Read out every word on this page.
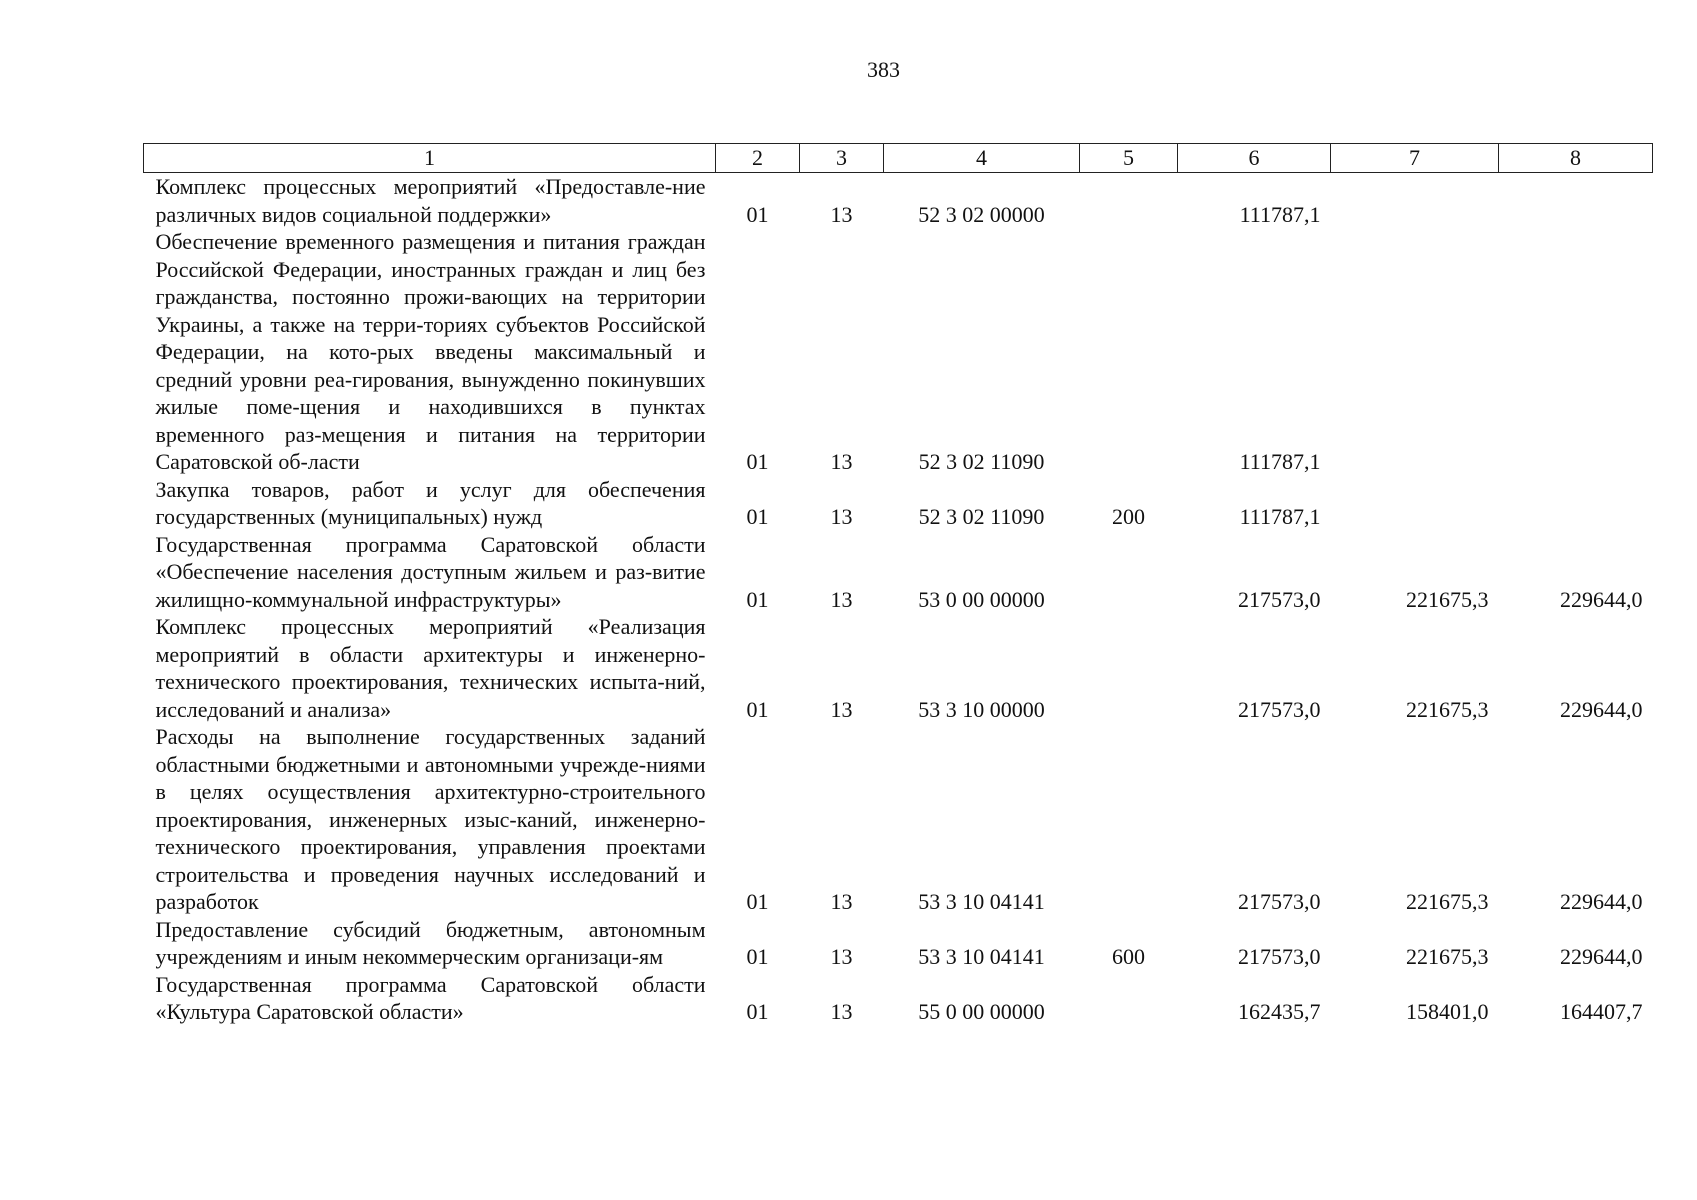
383
1	2	3	4	5	6	7	8
Комплекс процессных мероприятий «Предоставле-ние различных видов социальной поддержки»	01	13	52 3 02 00000		111787,1		
Обеспечение временного размещения и питания граждан Российской Федерации, иностранных граждан и лиц без гражданства, постоянно прожи-вающих на территории Украины, а также на терри-ториях субъектов Российской Федерации, на кото-рых введены максимальный и средний уровни реа-гирования, вынужденно покинувших жилые поме-щения и находившихся в пунктах временного раз-мещения и питания на территории Саратовской об-ласти	01	13	52 3 02 11090		111787,1		
Закупка товаров, работ и услуг для обеспечения государственных (муниципальных) нужд	01	13	52 3 02 11090	200	111787,1		
Государственная программа Саратовской области «Обеспечение населения доступным жильем и раз-витие жилищно-коммунальной инфраструктуры»	01	13	53 0 00 00000		217573,0	221675,3	229644,0
Комплекс процессных мероприятий «Реализация мероприятий в области архитектуры и инженерно-технического проектирования, технических испыта-ний, исследований и анализа»	01	13	53 3 10 00000		217573,0	221675,3	229644,0
Расходы на выполнение государственных заданий областными бюджетными и автономными учрежде-ниями в целях осуществления архитектурно-строительного проектирования, инженерных изыс-каний, инженерно-технического проектирования, управления проектами строительства и проведения научных исследований и разработок	01	13	53 3 10 04141		217573,0	221675,3	229644,0
Предоставление субсидий бюджетным, автономным учреждениям и иным некоммерческим организаци-ям	01	13	53 3 10 04141	600	217573,0	221675,3	229644,0
Государственная программа Саратовской области «Культура Саратовской области»	01	13	55 0 00 00000		162435,7	158401,0	164407,7
